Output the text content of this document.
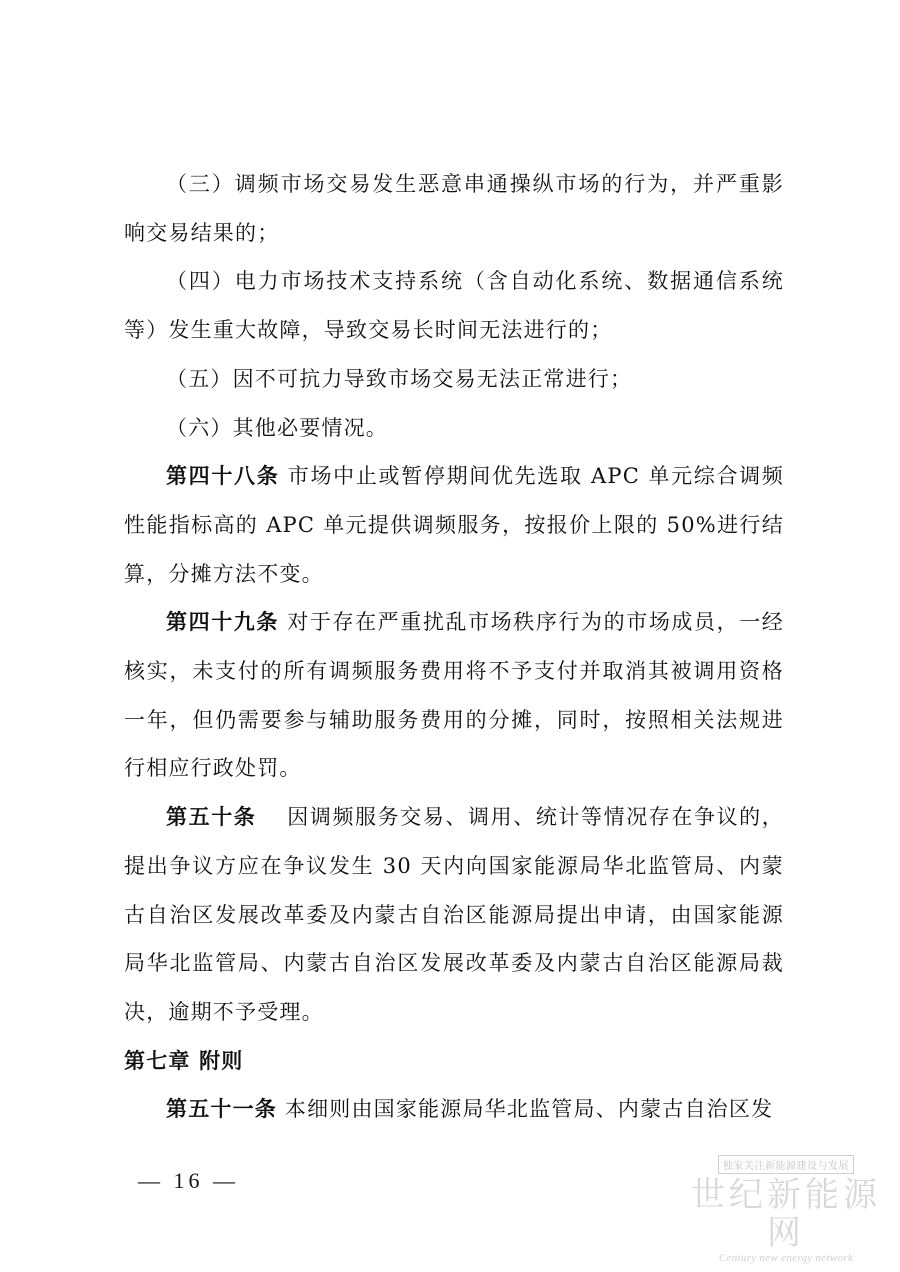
（三）调频市场交易发生恶意串通操纵市场的行为，并严重影响交易结果的；

（四）电力市场技术支持系统（含自动化系统、数据通信系统等）发生重大故障，导致交易长时间无法进行的；

（五）因不可抗力导致市场交易无法正常进行；

（六）其他必要情况。

第四十八条 市场中止或暂停期间优先选取 APC 单元综合调频性能指标高的 APC 单元提供调频服务，按报价上限的 50%进行结算，分摊方法不变。

第四十九条 对于存在严重扰乱市场秩序行为的市场成员，一经核实，未支付的所有调频服务费用将不予支付并取消其被调用资格一年，但仍需要参与辅助服务费用的分摊，同时，按照相关法规进行相应行政处罚。

第五十条　 因调频服务交易、调用、统计等情况存在争议的，提出争议方应在争议发生 30 天内向国家能源局华北监管局、内蒙古自治区发展改革委及内蒙古自治区能源局提出申请，由国家能源局华北监管局、内蒙古自治区发展改革委及内蒙古自治区能源局裁决，逾期不予受理。

第七章 附则

第五十一条 本细则由国家能源局华北监管局、内蒙古自治区发

— 16 —
独家关注新能源建设与发展
世纪新能源网
Century new energy network
